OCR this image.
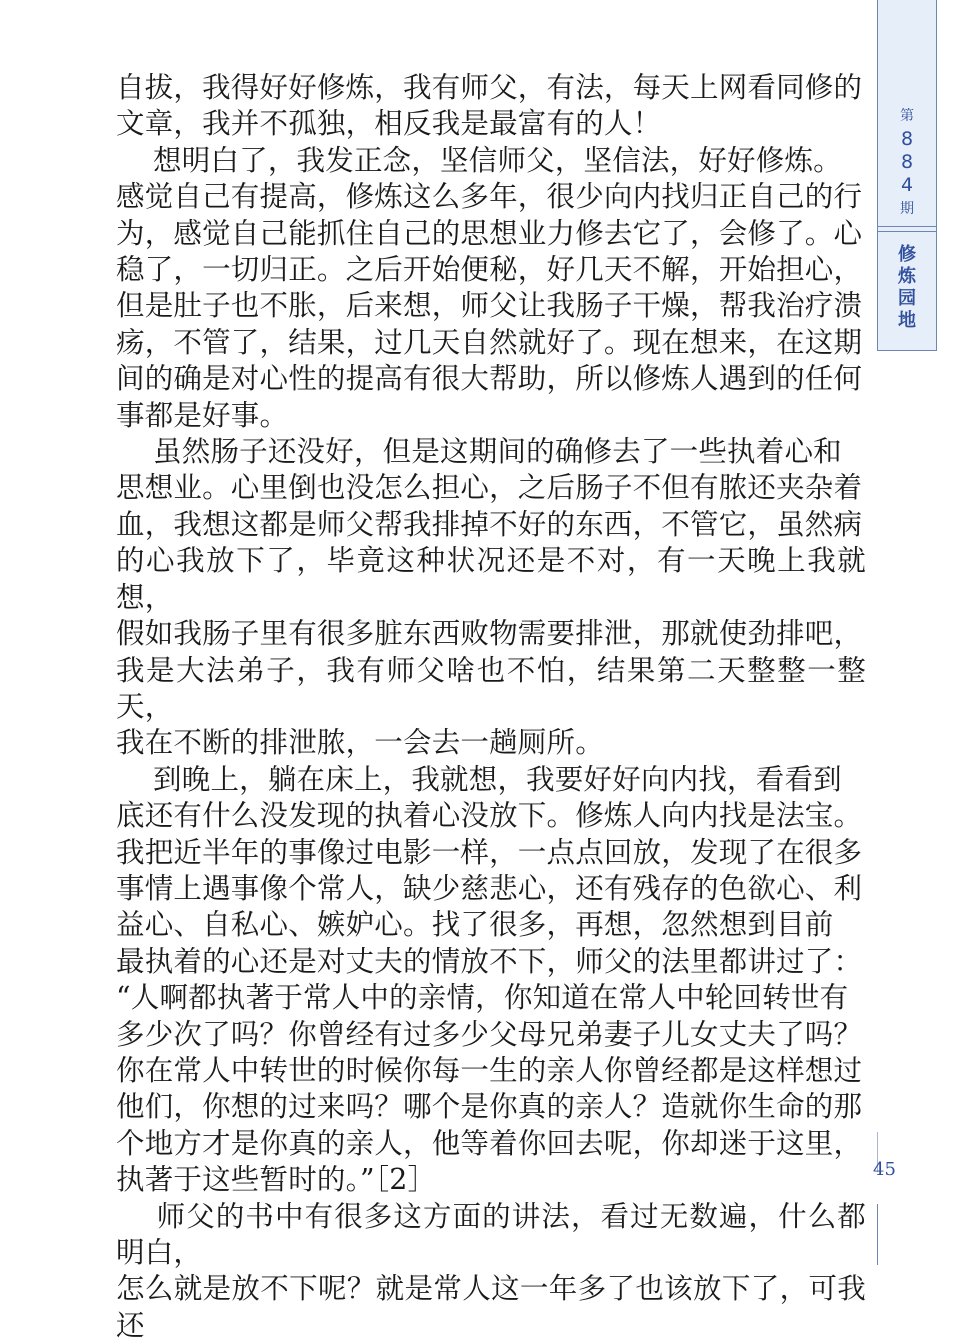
自拔，我得好好修炼，我有师父，有法，每天上网看同修的

文章，我并不孤独，相反我是最富有的人！

想明白了，我发正念，坚信师父，坚信法，好好修炼。

感觉自己有提高，修炼这么多年，很少向内找归正自己的行

为，感觉自己能抓住自己的思想业力修去它了，会修了。心

稳了，一切归正。之后开始便秘，好几天不解，开始担心，

但是肚子也不胀，后来想，师父让我肠子干燥，帮我治疗溃

疡，不管了，结果，过几天自然就好了。现在想来，在这期

间的确是对心性的提高有很大帮助，所以修炼人遇到的任何

事都是好事。

虽然肠子还没好，但是这期间的确修去了一些执着心和

思想业。心里倒也没怎么担心，之后肠子不但有脓还夹杂着

血，我想这都是师父帮我排掉不好的东西，不管它，虽然病

的心我放下了，毕竟这种状况还是不对，有一天晚上我就想，

假如我肠子里有很多脏东西败物需要排泄，那就使劲排吧，

我是大法弟子，我有师父啥也不怕，结果第二天整整一整天，

我在不断的排泄脓，一会去一趟厕所。

到晚上，躺在床上，我就想，我要好好向内找，看看到

底还有什么没发现的执着心没放下。修炼人向内找是法宝。

我把近半年的事像过电影一样，一点点回放，发现了在很多

事情上遇事像个常人，缺少慈悲心，还有残存的色欲心、利

益心、自私心、嫉妒心。找了很多，再想，忽然想到目前

最执着的心还是对丈夫的情放不下，师父的法里都讲过了：

“人啊都执著于常人中的亲情，你知道在常人中轮回转世有

多少次了吗？你曾经有过多少父母兄弟妻子儿女丈夫了吗？

你在常人中转世的时候你每一生的亲人你曾经都是这样想过

他们，你想的过来吗？哪个是你真的亲人？造就你生命的那

个地方才是你真的亲人，他等着你回去呢，你却迷于这里，

执著于这些暂时的。”［2］

师父的书中有很多这方面的讲法，看过无数遍，什么都明白，

怎么就是放不下呢？就是常人这一年多了也该放下了，可我还

第
8
8
4
期
修
炼
园
地
45
